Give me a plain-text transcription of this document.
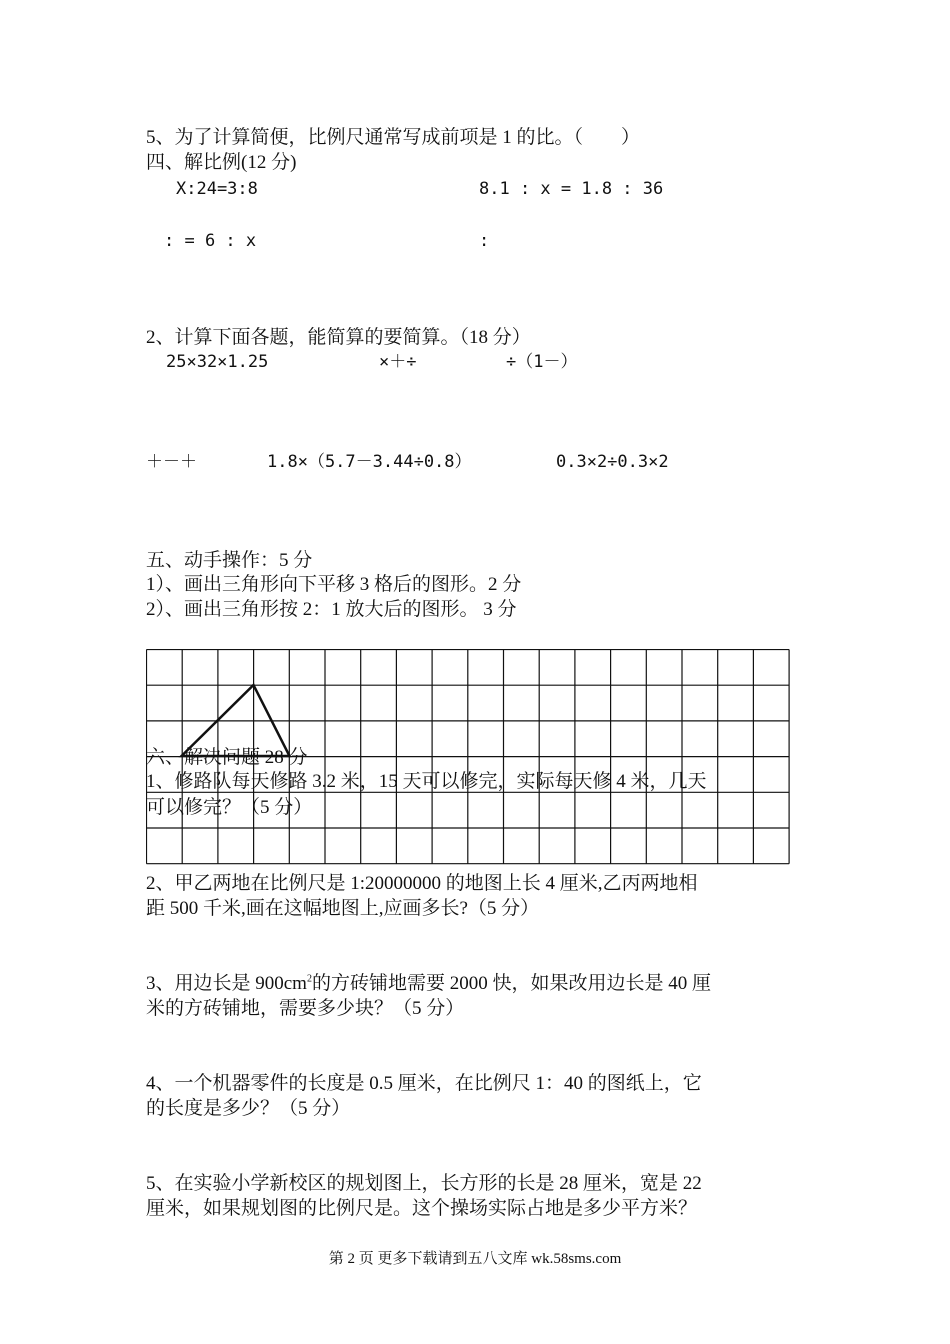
5、为了计算简便，比例尺通常写成前项是 1 的比。（        ）
四、解比例(12 分)
X:24=3:8	8.1 : x = 1.8 : 36
: = 6 : x	:
2、计算下面各题，能简算的要简算。（18 分）
25×32×1.25	×＋÷	÷（1－）
＋－＋	1.8×（5.7－3.44÷0.8）	0.3×2÷0.3×2
五、动手操作：5 分
1）、画出三角形向下平移 3 格后的图形。2 分
2）、画出三角形按 2：1 放大后的图形。 3 分
六、解决问题 28 分
1、修路队每天修路 3.2 米，15 天可以修完，实际每天修 4 米，几天
可以修完？（5 分）
2、甲乙两地在比例尺是 1:20000000 的地图上长 4 厘米,乙丙两地相
距 500 千米,画在这幅地图上,应画多长?（5 分）
3、用边长是 $900cm^2$的方砖铺地需要 2000 快，如果改用边长是 40 厘
米的方砖铺地，需要多少块？（5 分）
4、一个机器零件的长度是 0.5 厘米，在比例尺 1：40 的图纸上，它
的长度是多少？（5 分）
5、在实验小学新校区的规划图上，长方形的长是 28 厘米，宽是 22
厘米，如果规划图的比例尺是。这个操场实际占地是多少平方米？
第 2 页 更多下载请到五八文库 wk.58sms.com
